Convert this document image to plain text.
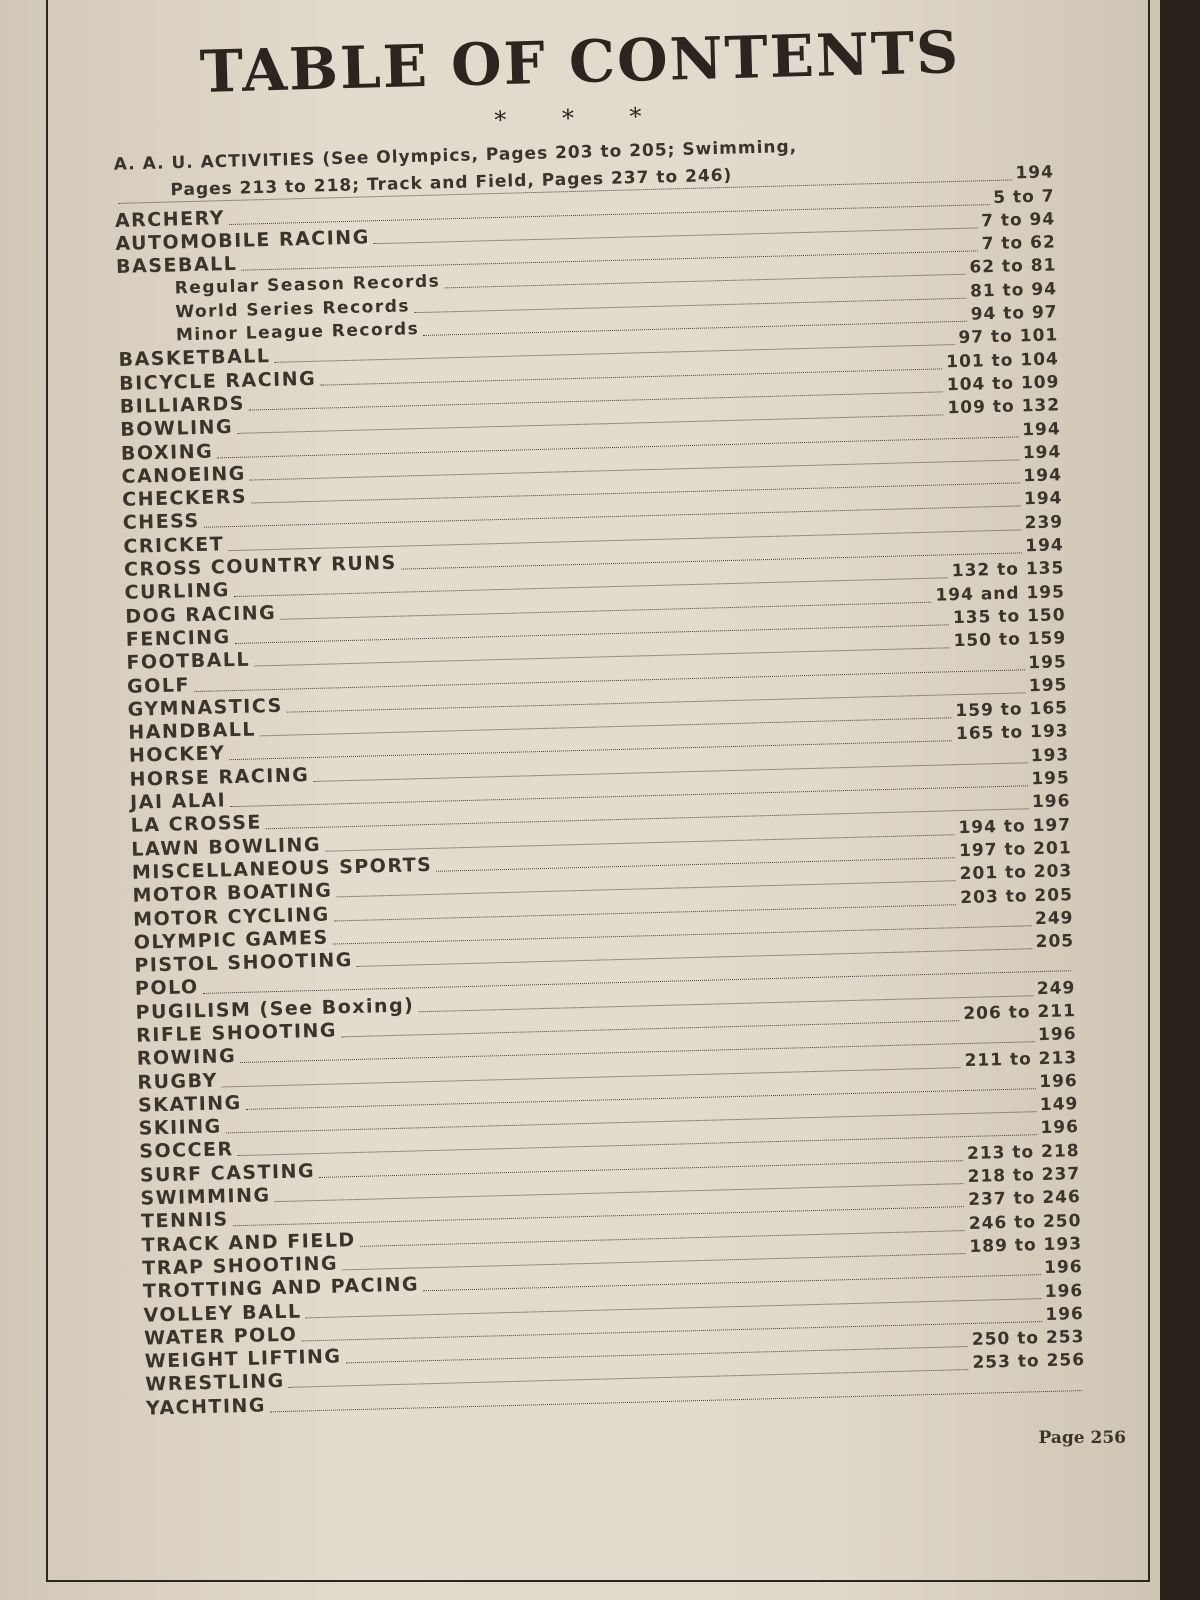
TABLE OF CONTENTS
* * *
A. A. U. ACTIVITIES (See Olympics, Pages 203 to 205; Swimming,
Pages 213 to 218; Track and Field, Pages 237 to 246)	194
ARCHERY
5 to 7
AUTOMOBILE RACING
7 to 94
BASEBALL
7 to 62
Regular Season Records
62 to 81
World Series Records
81 to 94
Minor League Records
94 to 97
BASKETBALL
97 to 101
BICYCLE RACING
101 to 104
BILLIARDS
104 to 109
BOWLING
109 to 132
BOXING
194
CANOEING
194
CHECKERS
194
CHESS
194
CRICKET
239
CROSS COUNTRY RUNS
194
CURLING
132 to 135
DOG RACING
194 and 195
FENCING
135 to 150
FOOTBALL
150 to 159
GOLF
195
GYMNASTICS
195
HANDBALL
159 to 165
HOCKEY
165 to 193
HORSE RACING
193
JAI ALAI
195
LA CROSSE
196
LAWN BOWLING
194 to 197
MISCELLANEOUS SPORTS
197 to 201
MOTOR BOATING
201 to 203
MOTOR CYCLING
203 to 205
OLYMPIC GAMES
249
PISTOL SHOOTING
205
POLO
PUGILISM (See Boxing)
249
RIFLE SHOOTING
206 to 211
ROWING
196
RUGBY
211 to 213
SKATING
196
SKIING
149
SOCCER
196
SURF CASTING
213 to 218
SWIMMING
218 to 237
TENNIS
237 to 246
TRACK AND FIELD
246 to 250
TRAP SHOOTING
189 to 193
TROTTING AND PACING
196
VOLLEY BALL
196
WATER POLO
196
WEIGHT LIFTING
250 to 253
WRESTLING
253 to 256
YACHTING
Page 256
